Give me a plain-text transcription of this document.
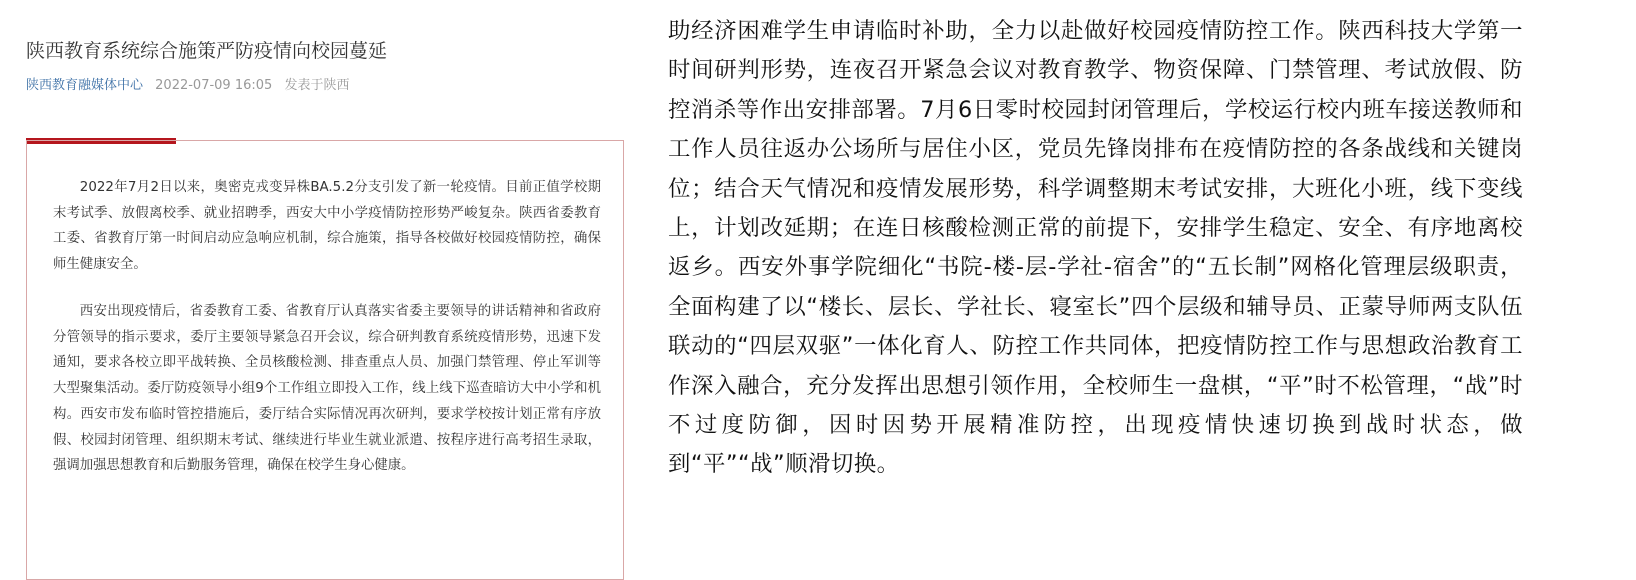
陕西教育系统综合施策严防疫情向校园蔓延
陕西教育融媒体中心 2022-07-09 16:05 发表于陕西

2022年7月2日以来，奥密克戎变异株BA.5.2分支引发了新一轮疫情。目前正值学校期末考试季、放假离校季、就业招聘季，西安大中小学疫情防控形势严峻复杂。陕西省委教育工委、省教育厅第一时间启动应急响应机制，综合施策，指导各校做好校园疫情防控，确保师生健康安全。

西安出现疫情后，省委教育工委、省教育厅认真落实省委主要领导的讲话精神和省政府分管领导的指示要求，委厅主要领导紧急召开会议，综合研判教育系统疫情形势，迅速下发通知，要求各校立即平战转换、全员核酸检测、排查重点人员、加强门禁管理、停止军训等大型聚集活动。委厅防疫领导小组9个工作组立即投入工作，线上线下巡查暗访大中小学和机构。西安市发布临时管控措施后，委厅结合实际情况再次研判，要求学校按计划正常有序放假、校园封闭管理、组织期末考试、继续进行毕业生就业派遣、按程序进行高考招生录取，强调加强思想教育和后勤服务管理，确保在校学生身心健康。

助经济困难学生申请临时补助，全力以赴做好校园疫情防控工作。陕西科技大学第一时间研判形势，连夜召开紧急会议对教育教学、物资保障、门禁管理、考试放假、防控消杀等作出安排部署。7月6日零时校园封闭管理后，学校运行校内班车接送教师和工作人员往返办公场所与居住小区，党员先锋岗排布在疫情防控的各条战线和关键岗位；结合天气情况和疫情发展形势，科学调整期末考试安排，大班化小班，线下变线上，计划改延期；在连日核酸检测正常的前提下，安排学生稳定、安全、有序地离校返乡。西安外事学院细化“书院-楼-层-学社-宿舍”的“五长制”网格化管理层级职责，全面构建了以“楼长、层长、学社长、寝室长”四个层级和辅导员、正蒙导师两支队伍联动的“四层双驱”一体化育人、防控工作共同体，把疫情防控工作与思想政治教育工作深入融合，充分发挥出思想引领作用，全校师生一盘棋，“平”时不松管理，“战”时不过度防御，因时因势开展精准防控，出现疫情快速切换到战时状态，做到“平”“战”顺滑切换。
